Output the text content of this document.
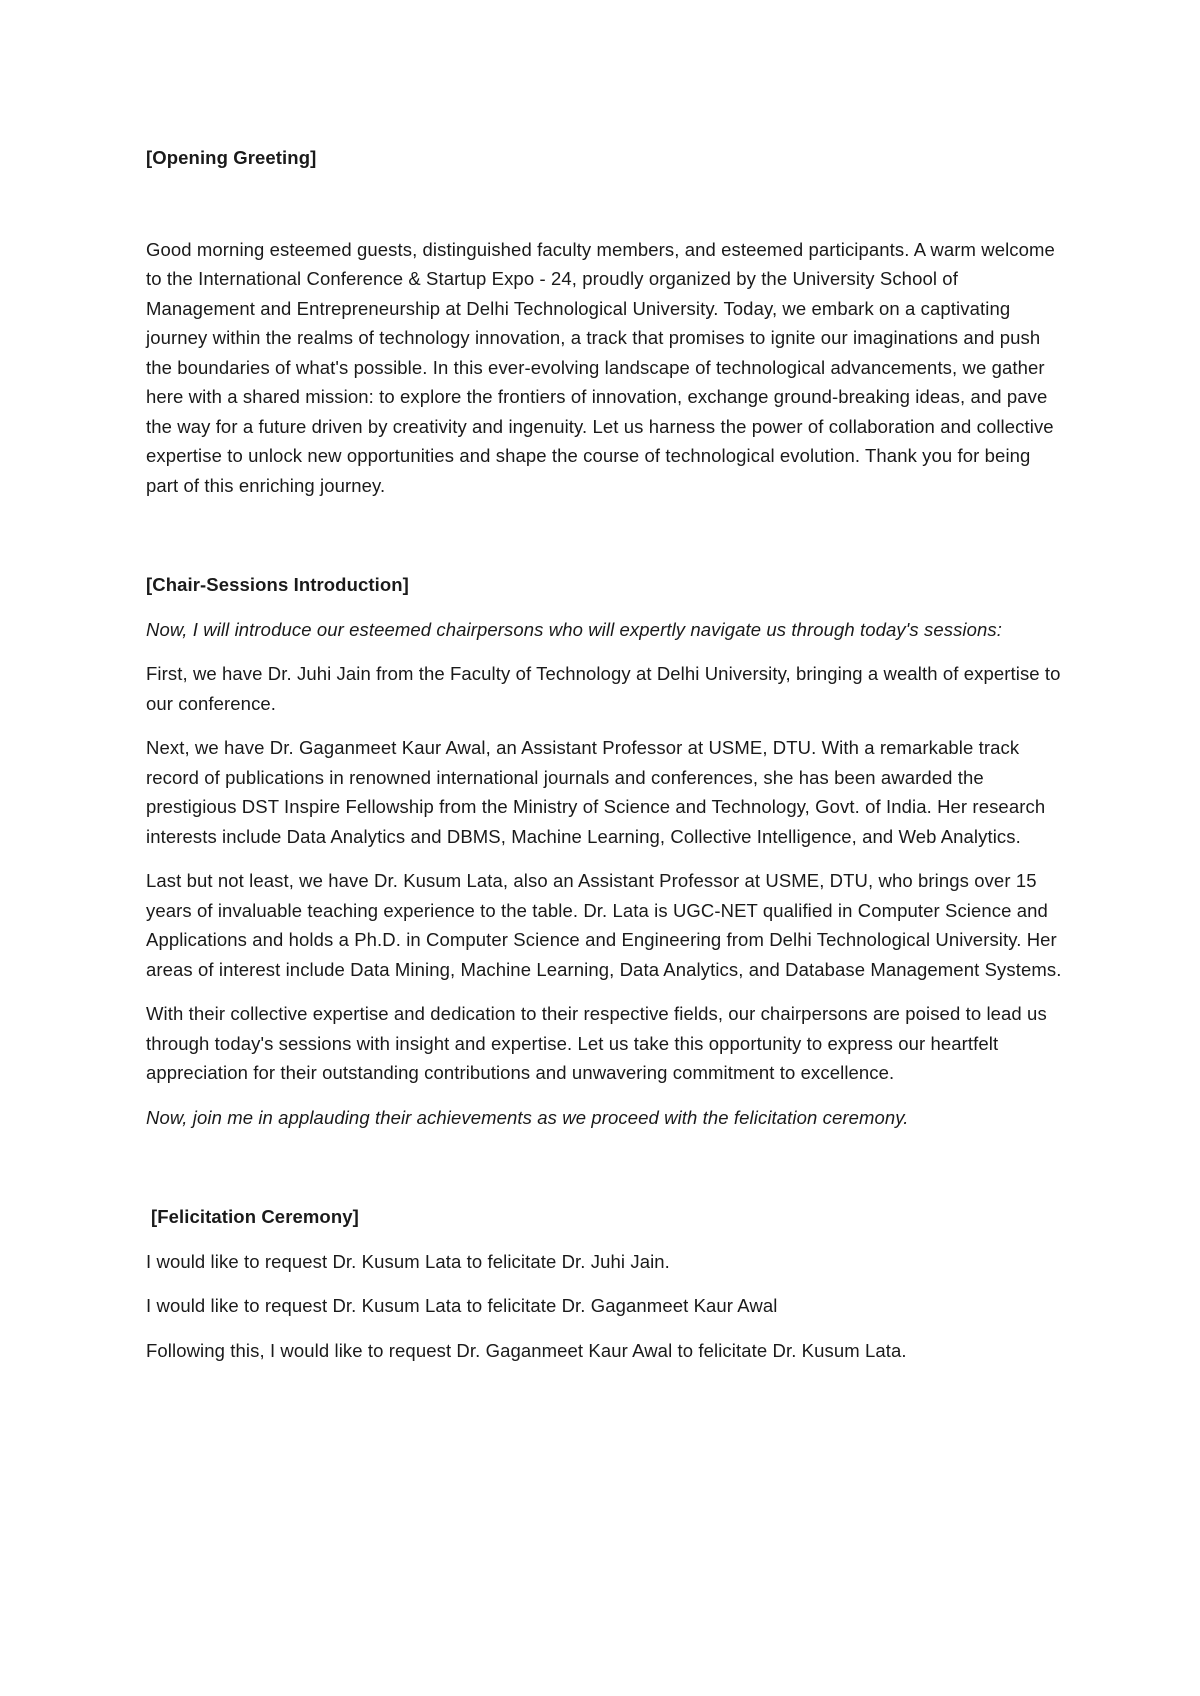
[Opening Greeting]

Good morning esteemed guests, distinguished faculty members, and esteemed participants. A warm welcome to the International Conference & Startup Expo - 24, proudly organized by the University School of Management and Entrepreneurship at Delhi Technological University. Today, we embark on a captivating journey within the realms of technology innovation, a track that promises to ignite our imaginations and push the boundaries of what's possible. In this ever-evolving landscape of technological advancements, we gather here with a shared mission: to explore the frontiers of innovation, exchange ground-breaking ideas, and pave the way for a future driven by creativity and ingenuity. Let us harness the power of collaboration and collective expertise to unlock new opportunities and shape the course of technological evolution. Thank you for being part of this enriching journey.

[Chair-Sessions Introduction]

Now, I will introduce our esteemed chairpersons who will expertly navigate us through today's sessions:

First, we have Dr. Juhi Jain from the Faculty of Technology at Delhi University, bringing a wealth of expertise to our conference.

Next, we have Dr. Gaganmeet Kaur Awal, an Assistant Professor at USME, DTU. With a remarkable track record of publications in renowned international journals and conferences, she has been awarded the prestigious DST Inspire Fellowship from the Ministry of Science and Technology, Govt. of India. Her research interests include Data Analytics and DBMS, Machine Learning, Collective Intelligence, and Web Analytics.

Last but not least, we have Dr. Kusum Lata, also an Assistant Professor at USME, DTU, who brings over 15 years of invaluable teaching experience to the table. Dr. Lata is UGC-NET qualified in Computer Science and Applications and holds a Ph.D. in Computer Science and Engineering from Delhi Technological University. Her areas of interest include Data Mining, Machine Learning, Data Analytics, and Database Management Systems.

With their collective expertise and dedication to their respective fields, our chairpersons are poised to lead us through today's sessions with insight and expertise. Let us take this opportunity to express our heartfelt appreciation for their outstanding contributions and unwavering commitment to excellence.

Now, join me in applauding their achievements as we proceed with the felicitation ceremony.

[Felicitation Ceremony]

I would like to request Dr. Kusum Lata to felicitate Dr. Juhi Jain.

I would like to request Dr. Kusum Lata to felicitate Dr. Gaganmeet Kaur Awal

Following this, I would like to request Dr. Gaganmeet Kaur Awal to felicitate Dr. Kusum Lata.
